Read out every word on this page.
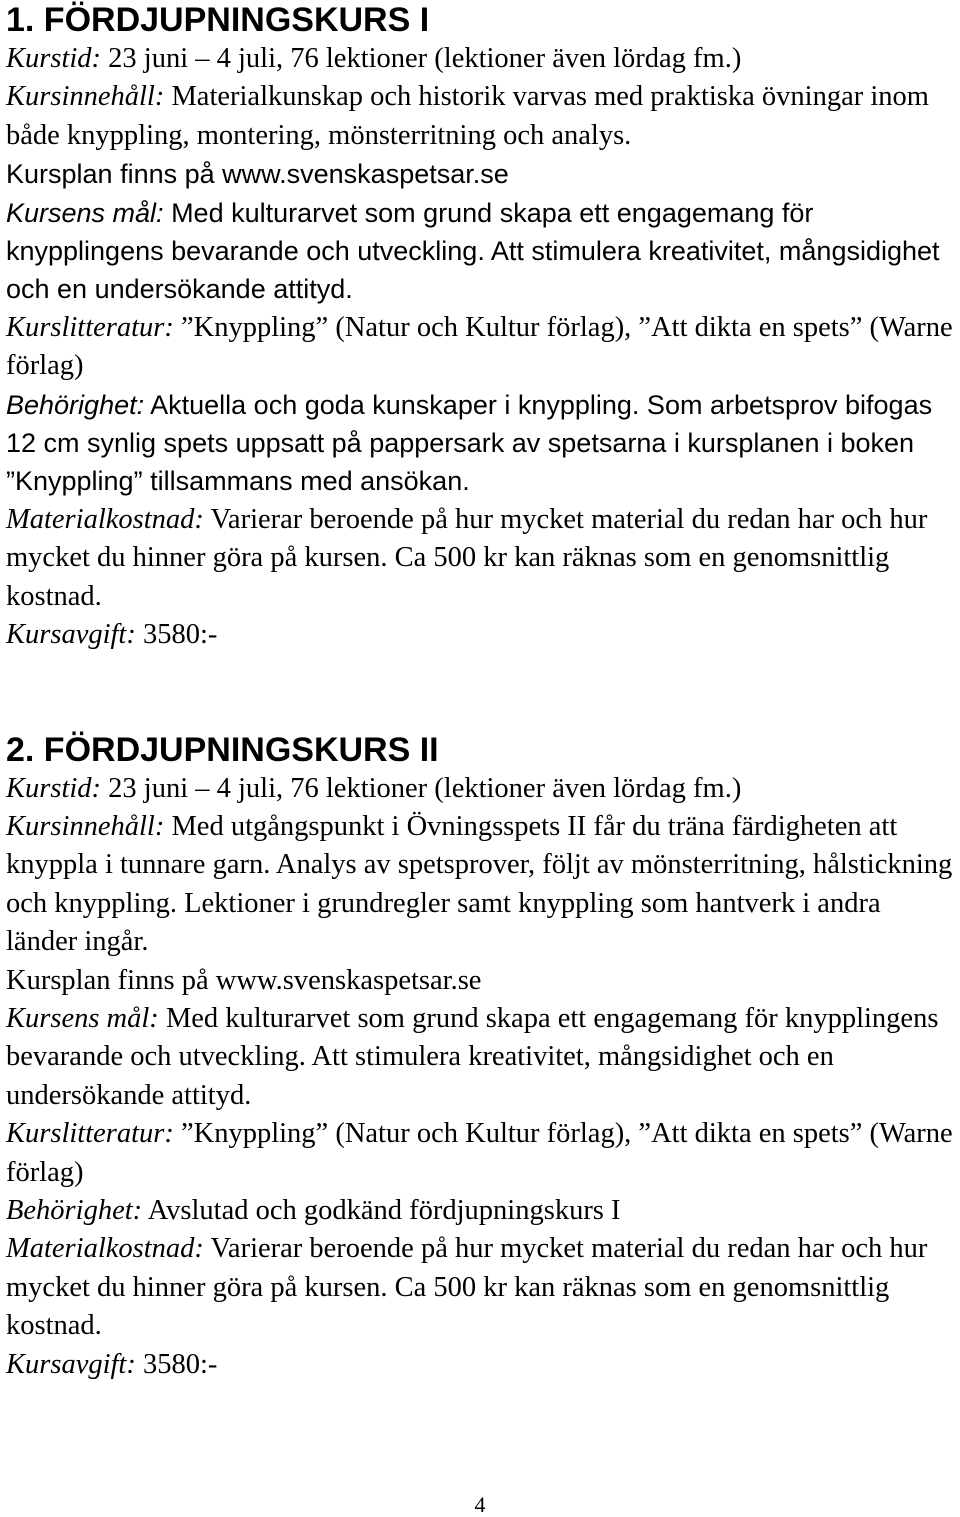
1. FÖRDJUPNINGSKURS I

Kurstid: 23 juni – 4 juli, 76 lektioner (lektioner även lördag fm.)

Kursinnehåll: Materialkunskap och historik varvas med praktiska övningar inom både knyppling, montering, mönsterritning och analys.

Kursplan finns på www.svenskaspetsar.se

Kursens mål: Med kulturarvet som grund skapa ett engagemang för knypplingens bevarande och utveckling. Att stimulera kreativitet, mångsidighet och en undersökande attityd.

Kurslitteratur: ”Knyppling” (Natur och Kultur förlag), ”Att dikta en spets” (Warne förlag)

Behörighet: Aktuella och goda kunskaper i knyppling. Som arbetsprov bifogas 12 cm synlig spets uppsatt på pappersark av spetsarna i kursplanen i boken ”Knyppling” tillsammans med ansökan.

Materialkostnad: Varierar beroende på hur mycket material du redan har och hur mycket du hinner göra på kursen. Ca 500 kr kan räknas som en genomsnittlig kostnad.

Kursavgift: 3580:-

2. FÖRDJUPNINGSKURS II

Kurstid: 23 juni – 4 juli, 76 lektioner (lektioner även lördag fm.)

Kursinnehåll: Med utgångspunkt i Övningsspets II får du träna färdigheten att knyppla i tunnare garn. Analys av spetsprover, följt av mönsterritning, hålstickning och knyppling. Lektioner i grundregler samt knyppling som hantverk i andra länder ingår.

Kursplan finns på www.svenskaspetsar.se

Kursens mål: Med kulturarvet som grund skapa ett engagemang för knypplingens bevarande och utveckling. Att stimulera kreativitet, mångsidighet och en undersökande attityd.

Kurslitteratur: ”Knyppling” (Natur och Kultur förlag), ”Att dikta en spets” (Warne förlag)

Behörighet: Avslutad och godkänd fördjupningskurs I

Materialkostnad: Varierar beroende på hur mycket material du redan har och hur mycket du hinner göra på kursen. Ca 500 kr kan räknas som en genomsnittlig kostnad.

Kursavgift: 3580:-

4
